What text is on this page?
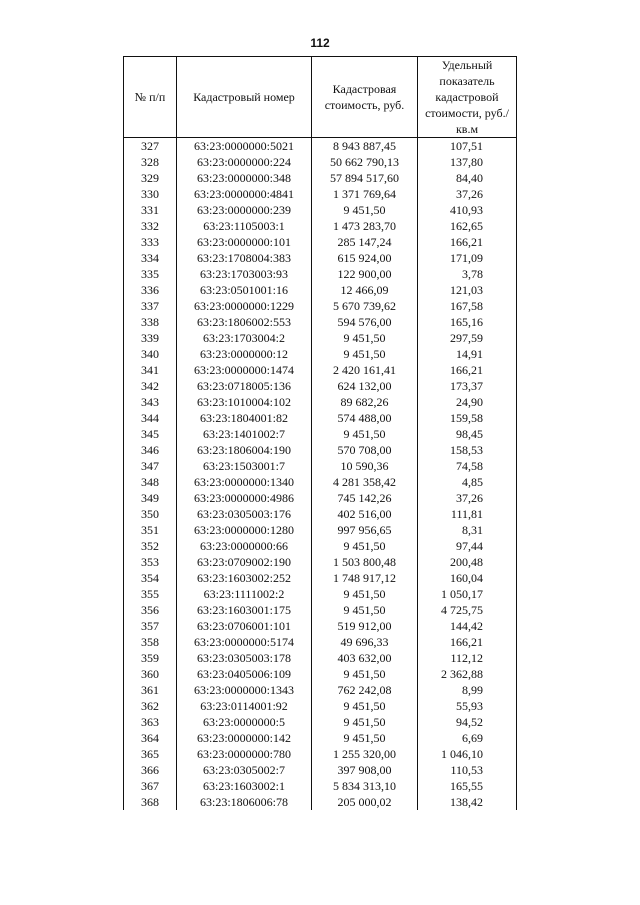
112
№ п/п	Кадастровый номер	Кадастровая стоимость, руб.	Удельный показатель кадастровой стоимости, руб./кв.м
327	63:23:0000000:5021	8 943 887,45	107,51
328	63:23:0000000:224	50 662 790,13	137,80
329	63:23:0000000:348	57 894 517,60	84,40
330	63:23:0000000:4841	1 371 769,64	37,26
331	63:23:0000000:239	9 451,50	410,93
332	63:23:1105003:1	1 473 283,70	162,65
333	63:23:0000000:101	285 147,24	166,21
334	63:23:1708004:383	615 924,00	171,09
335	63:23:1703003:93	122 900,00	3,78
336	63:23:0501001:16	12 466,09	121,03
337	63:23:0000000:1229	5 670 739,62	167,58
338	63:23:1806002:553	594 576,00	165,16
339	63:23:1703004:2	9 451,50	297,59
340	63:23:0000000:12	9 451,50	14,91
341	63:23:0000000:1474	2 420 161,41	166,21
342	63:23:0718005:136	624 132,00	173,37
343	63:23:1010004:102	89 682,26	24,90
344	63:23:1804001:82	574 488,00	159,58
345	63:23:1401002:7	9 451,50	98,45
346	63:23:1806004:190	570 708,00	158,53
347	63:23:1503001:7	10 590,36	74,58
348	63:23:0000000:1340	4 281 358,42	4,85
349	63:23:0000000:4986	745 142,26	37,26
350	63:23:0305003:176	402 516,00	111,81
351	63:23:0000000:1280	997 956,65	8,31
352	63:23:0000000:66	9 451,50	97,44
353	63:23:0709002:190	1 503 800,48	200,48
354	63:23:1603002:252	1 748 917,12	160,04
355	63:23:1111002:2	9 451,50	1 050,17
356	63:23:1603001:175	9 451,50	4 725,75
357	63:23:0706001:101	519 912,00	144,42
358	63:23:0000000:5174	49 696,33	166,21
359	63:23:0305003:178	403 632,00	112,12
360	63:23:0405006:109	9 451,50	2 362,88
361	63:23:0000000:1343	762 242,08	8,99
362	63:23:0114001:92	9 451,50	55,93
363	63:23:0000000:5	9 451,50	94,52
364	63:23:0000000:142	9 451,50	6,69
365	63:23:0000000:780	1 255 320,00	1 046,10
366	63:23:0305002:7	397 908,00	110,53
367	63:23:1603002:1	5 834 313,10	165,55
368	63:23:1806006:78	205 000,02	138,42
